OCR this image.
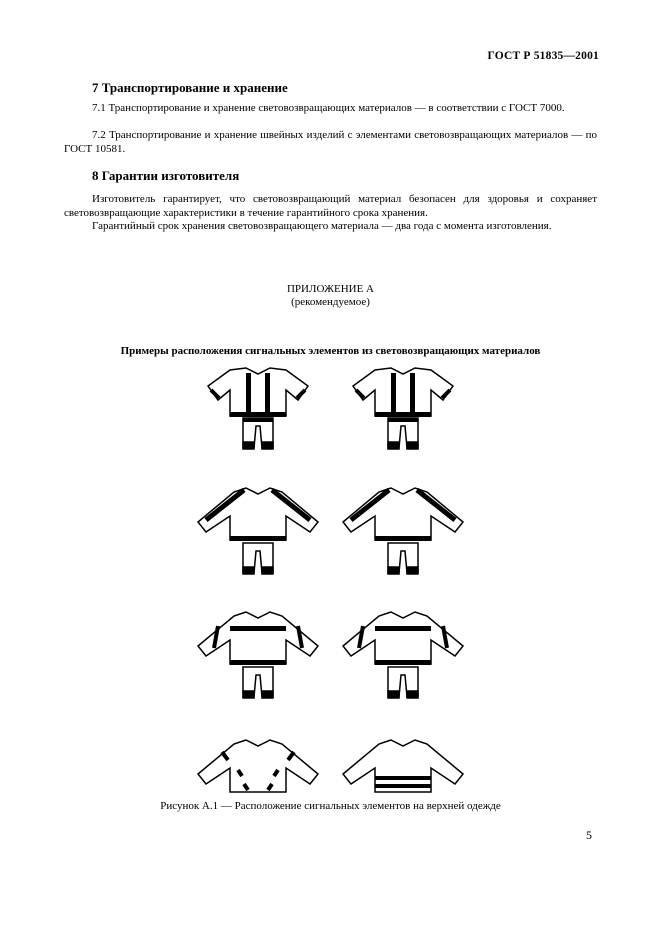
ГОСТ Р 51835—2001
7 Транспортирование и хранение
7.1 Транспортирование и хранение световозвращающих материалов — в соответствии с ГОСТ 7000.
7.2 Транспортирование и хранение швейных изделий с элементами световозвращающих материалов — по ГОСТ 10581.
8 Гарантии изготовителя
Изготовитель гарантирует, что световозвращающий материал безопасен для здоровья и сохраняет световозвращающие характеристики в течение гарантийного срока хранения.
Гарантийный срок хранения световозвращающего материала — два года с момента изготовления.
ПРИЛОЖЕНИЕ А
(рекомендуемое)
Примеры расположения сигнальных элементов из световозвращающих материалов
Рисунок А.1 — Расположение сигнальных элементов на верхней одежде
5
